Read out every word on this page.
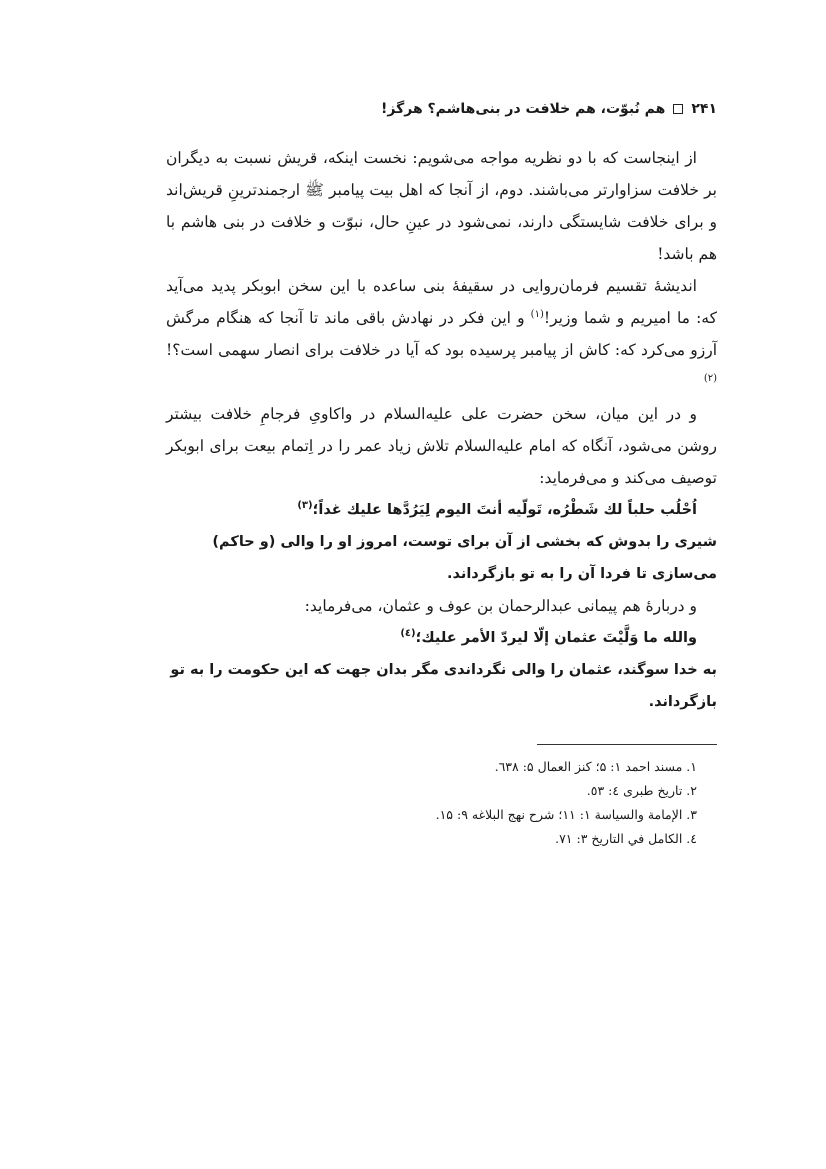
۲۴۱
هم نُبوّت، هم خلافت در بنی‌هاشم؟ هرگز!

از اینجاست که با دو نظریه مواجه می‌شویم: نخست اینکه، قریش نسبت به دیگران بر خلافت سزاوارتر می‌باشند. دوم، از آنجا که اهل بیت پیامبر ﷺ ارجمندترینِ قریش‌اند و برای خلافت شایستگی دارند، نمی‌شود در عینِ حال، نبوّت و خلافت در بنی هاشم با هم باشد!

اندیشهٔ تقسیم فرمان‌روایی در سقیفهٔ بنی ساعده با این سخن ابوبکر پدید می‌آید که: ما امیریم و شما وزیر!$^{(۱)}$ و این فکر در نهادش باقی ماند تا آنجا که هنگام مرگش آرزو می‌کرد که: کاش از پیامبر پرسیده بود که آیا در خلافت برای انصار سهمی است؟!$^{(۲)}$

و در این میان، سخن حضرت علی علیه‌السلام در واکاویِ فرجامِ خلافت بیشتر روشن می‌شود، آنگاه که امام علیه‌السلام تلاش زیاد عمر را در اِتمام بیعت برای ابوبکر توصیف می‌کند و می‌فرماید:

اُحْلُب حلباً لك شَطْرُه، تَولّيه أنتَ اليوم لِيَرُدَّها عليك غداً؛$^{(۳)}$

شیری را بدوش که بخشی از آن برای توست، امروز او را والی (و حاکم) می‌سازی تا فردا آن را به تو بازگرداند.

و دربارهٔ هم پیمانی عبدالرحمان بن عوف و عثمان، می‌فرماید:

والله ما وَلَّيْتَ عثمان إلّا ليردّ الأمر عليك؛$^{(٤)}$

به خدا سوگند، عثمان را والی نگرداندی مگر بدان جهت که این حکومت را به تو بازگرداند.

۱. مسند احمد ۱: ۵؛ کنز العمال ۵: ٦٣٨.

۲. تاریخ طبری ٤: ٥٣.

۳. الإمامة والسياسة ۱: ۱۱؛ شرح نهج البلاغه ۹: ۱۵.

٤. الكامل في التاريخ ۳: ۷۱.
